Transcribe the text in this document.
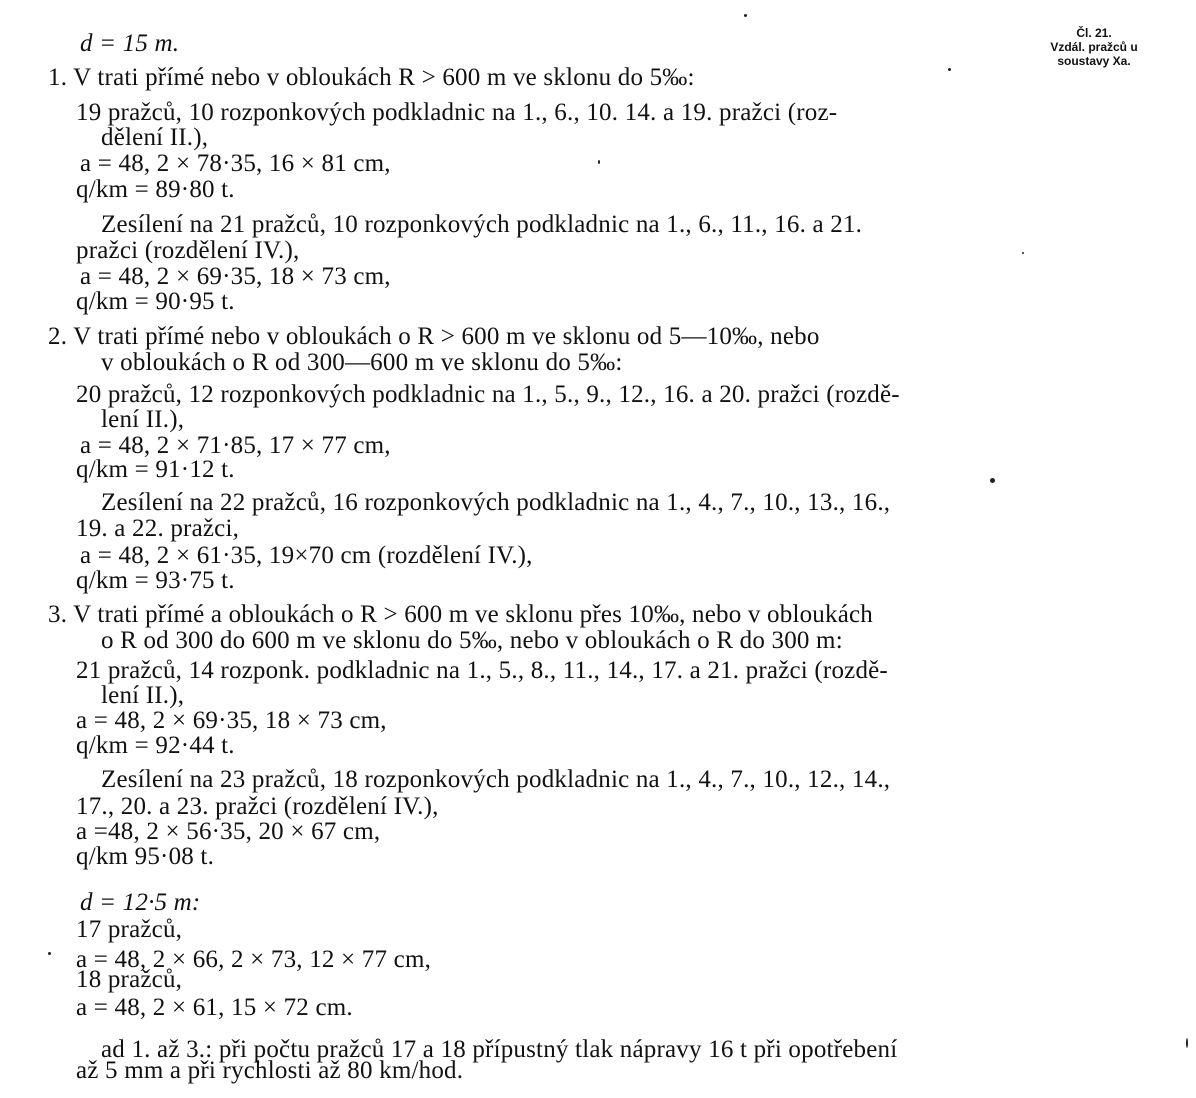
Čl. 21.
Vzdál. pražců u
soustavy Xa.
d = 15 m.
1. V trati přímé nebo v obloukách R > 600 m ve sklonu do 5‰:
19 pražců, 10 rozponkových podkladnic na 1., 6., 10. 14. a 19. pražci (roz-
dělení II.),
a = 48, 2 × 78·35, 16 × 81 cm,
q/km = 89·80 t.
Zesílení na 21 pražců, 10 rozponkových podkladnic na 1., 6., 11., 16. a 21.
pražci (rozdělení IV.),
a = 48, 2 × 69·35, 18 × 73 cm,
q/km = 90·95 t.
2. V trati přímé nebo v obloukách o R > 600 m ve sklonu od 5—10‰, nebo
v obloukách o R od 300—600 m ve sklonu do 5‰:
20 pražců, 12 rozponkových podkladnic na 1., 5., 9., 12., 16. a 20. pražci (rozdě-
lení II.),
a = 48, 2 × 71·85, 17 × 77 cm,
q/km = 91·12 t.
Zesílení na 22 pražců, 16 rozponkových podkladnic na 1., 4., 7., 10., 13., 16.,
19. a 22. pražci,
a = 48, 2 × 61·35, 19×70 cm (rozdělení IV.),
q/km = 93·75 t.
3. V trati přímé a obloukách o R > 600 m ve sklonu přes 10‰, nebo v obloukách
o R od 300 do 600 m ve sklonu do 5‰, nebo v obloukách o R do 300 m:
21 pražců, 14 rozponk. podkladnic na 1., 5., 8., 11., 14., 17. a 21. pražci (rozdě-
lení II.),
a = 48, 2 × 69·35, 18 × 73 cm,
q/km = 92·44 t.
Zesílení na 23 pražců, 18 rozponkových podkladnic na 1., 4., 7., 10., 12., 14.,
17., 20. a 23. pražci (rozdělení IV.),
a =48, 2 × 56·35, 20 × 67 cm,
q/km 95·08 t.
d = 12·5 m:
17 pražců,
a = 48, 2 × 66, 2 × 73, 12 × 77 cm,
18 pražců,
a = 48, 2 × 61, 15 × 72 cm.
ad 1. až 3.: při počtu pražců 17 a 18 přípustný tlak nápravy 16 t při opotřebení
až 5 mm a při rychlosti až 80 km/hod.
